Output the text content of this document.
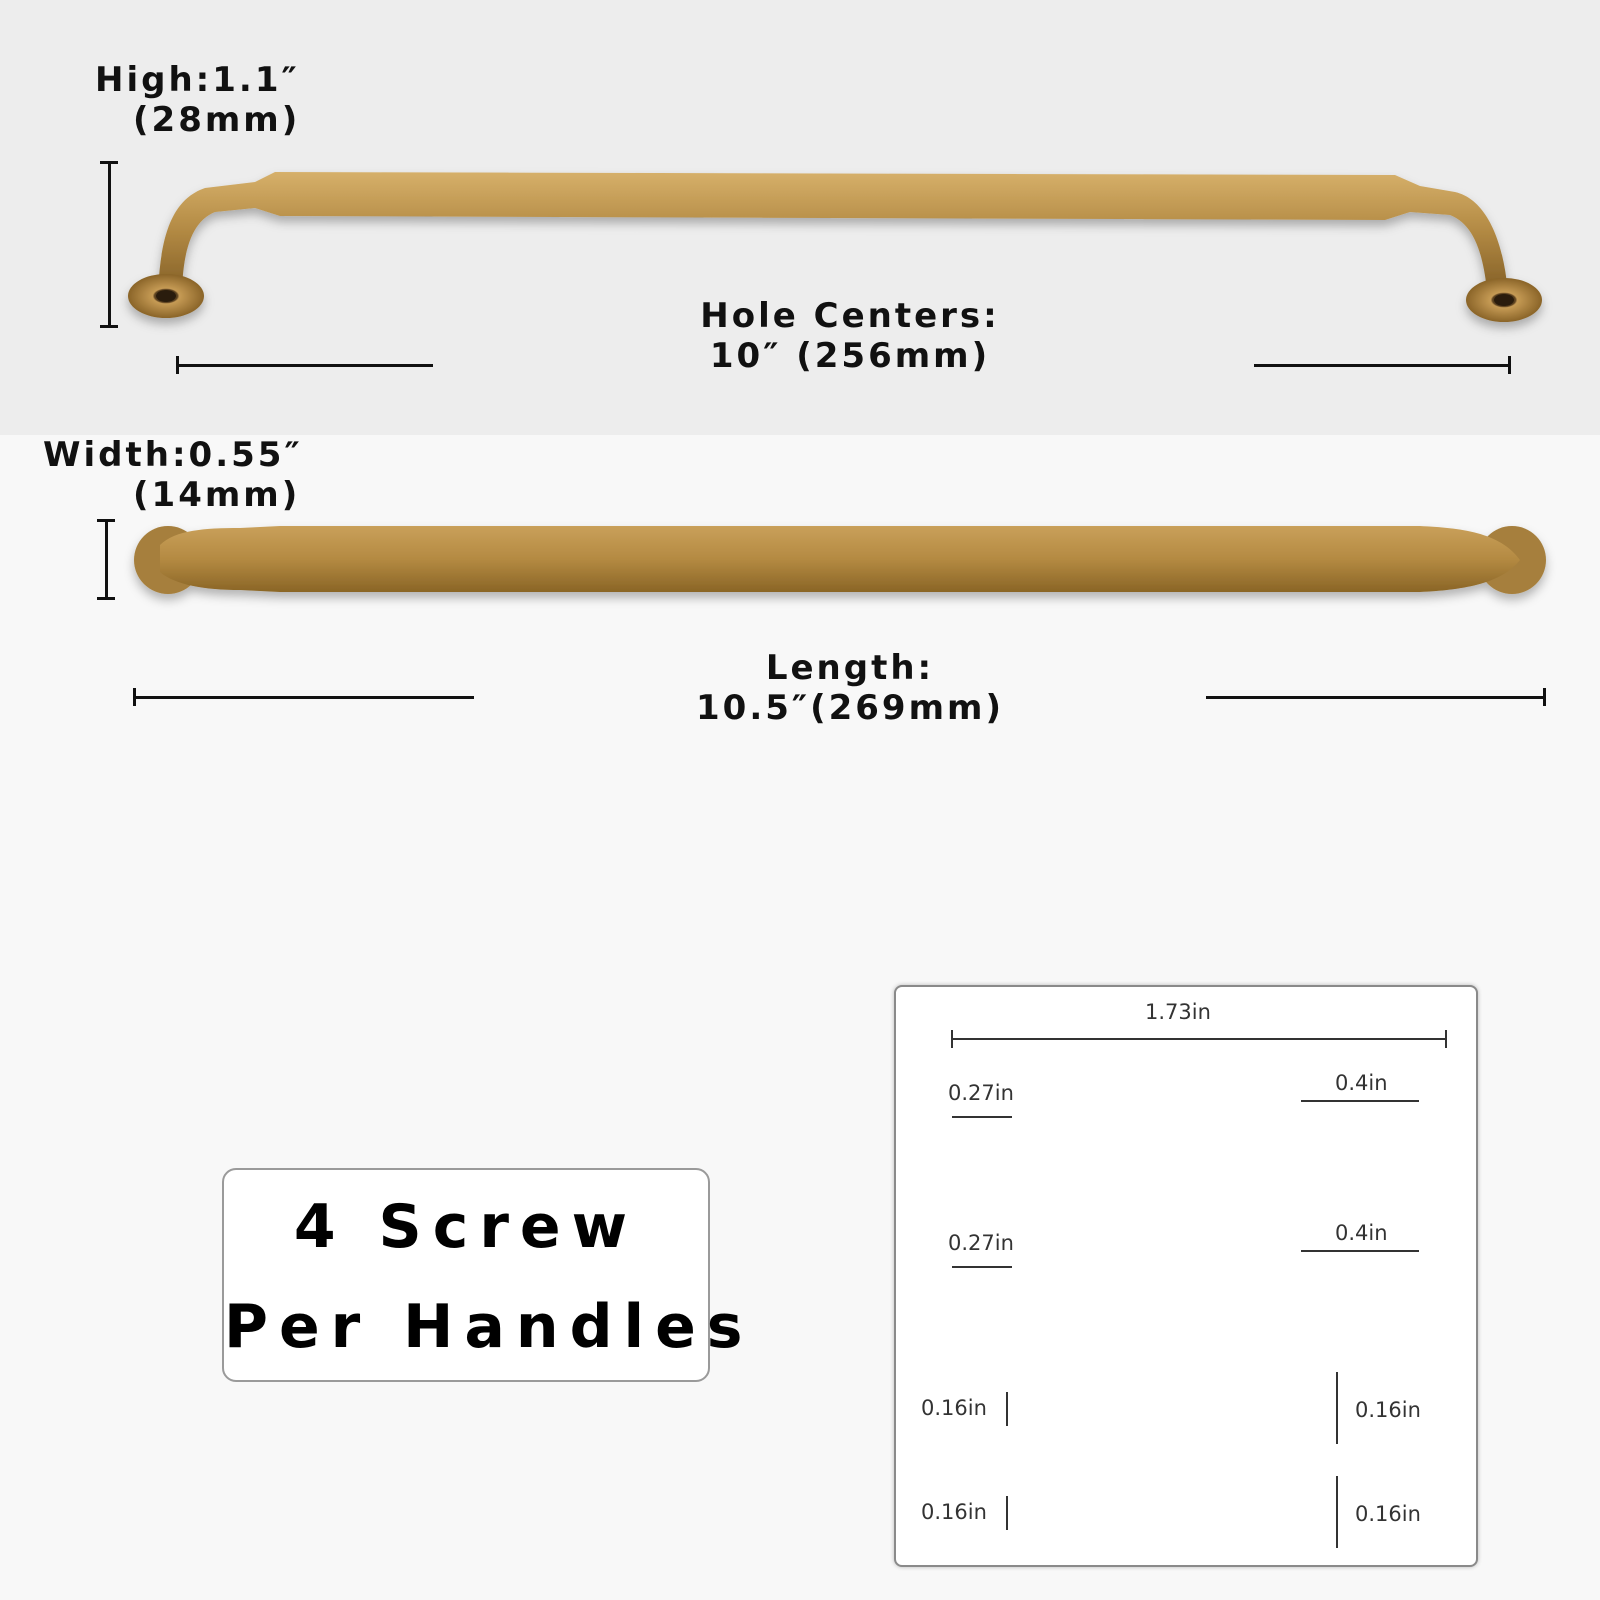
High:1.1″
(28mm)
Hole Centers:
10″ (256mm)
Width:0.55″
(14mm)
Length:
10.5″(269mm)
4 Screw
Per Handles
1.73in
0.27in	0.4in
0.27in	0.4in
0.16in	0.16in
0.16in	0.16in
